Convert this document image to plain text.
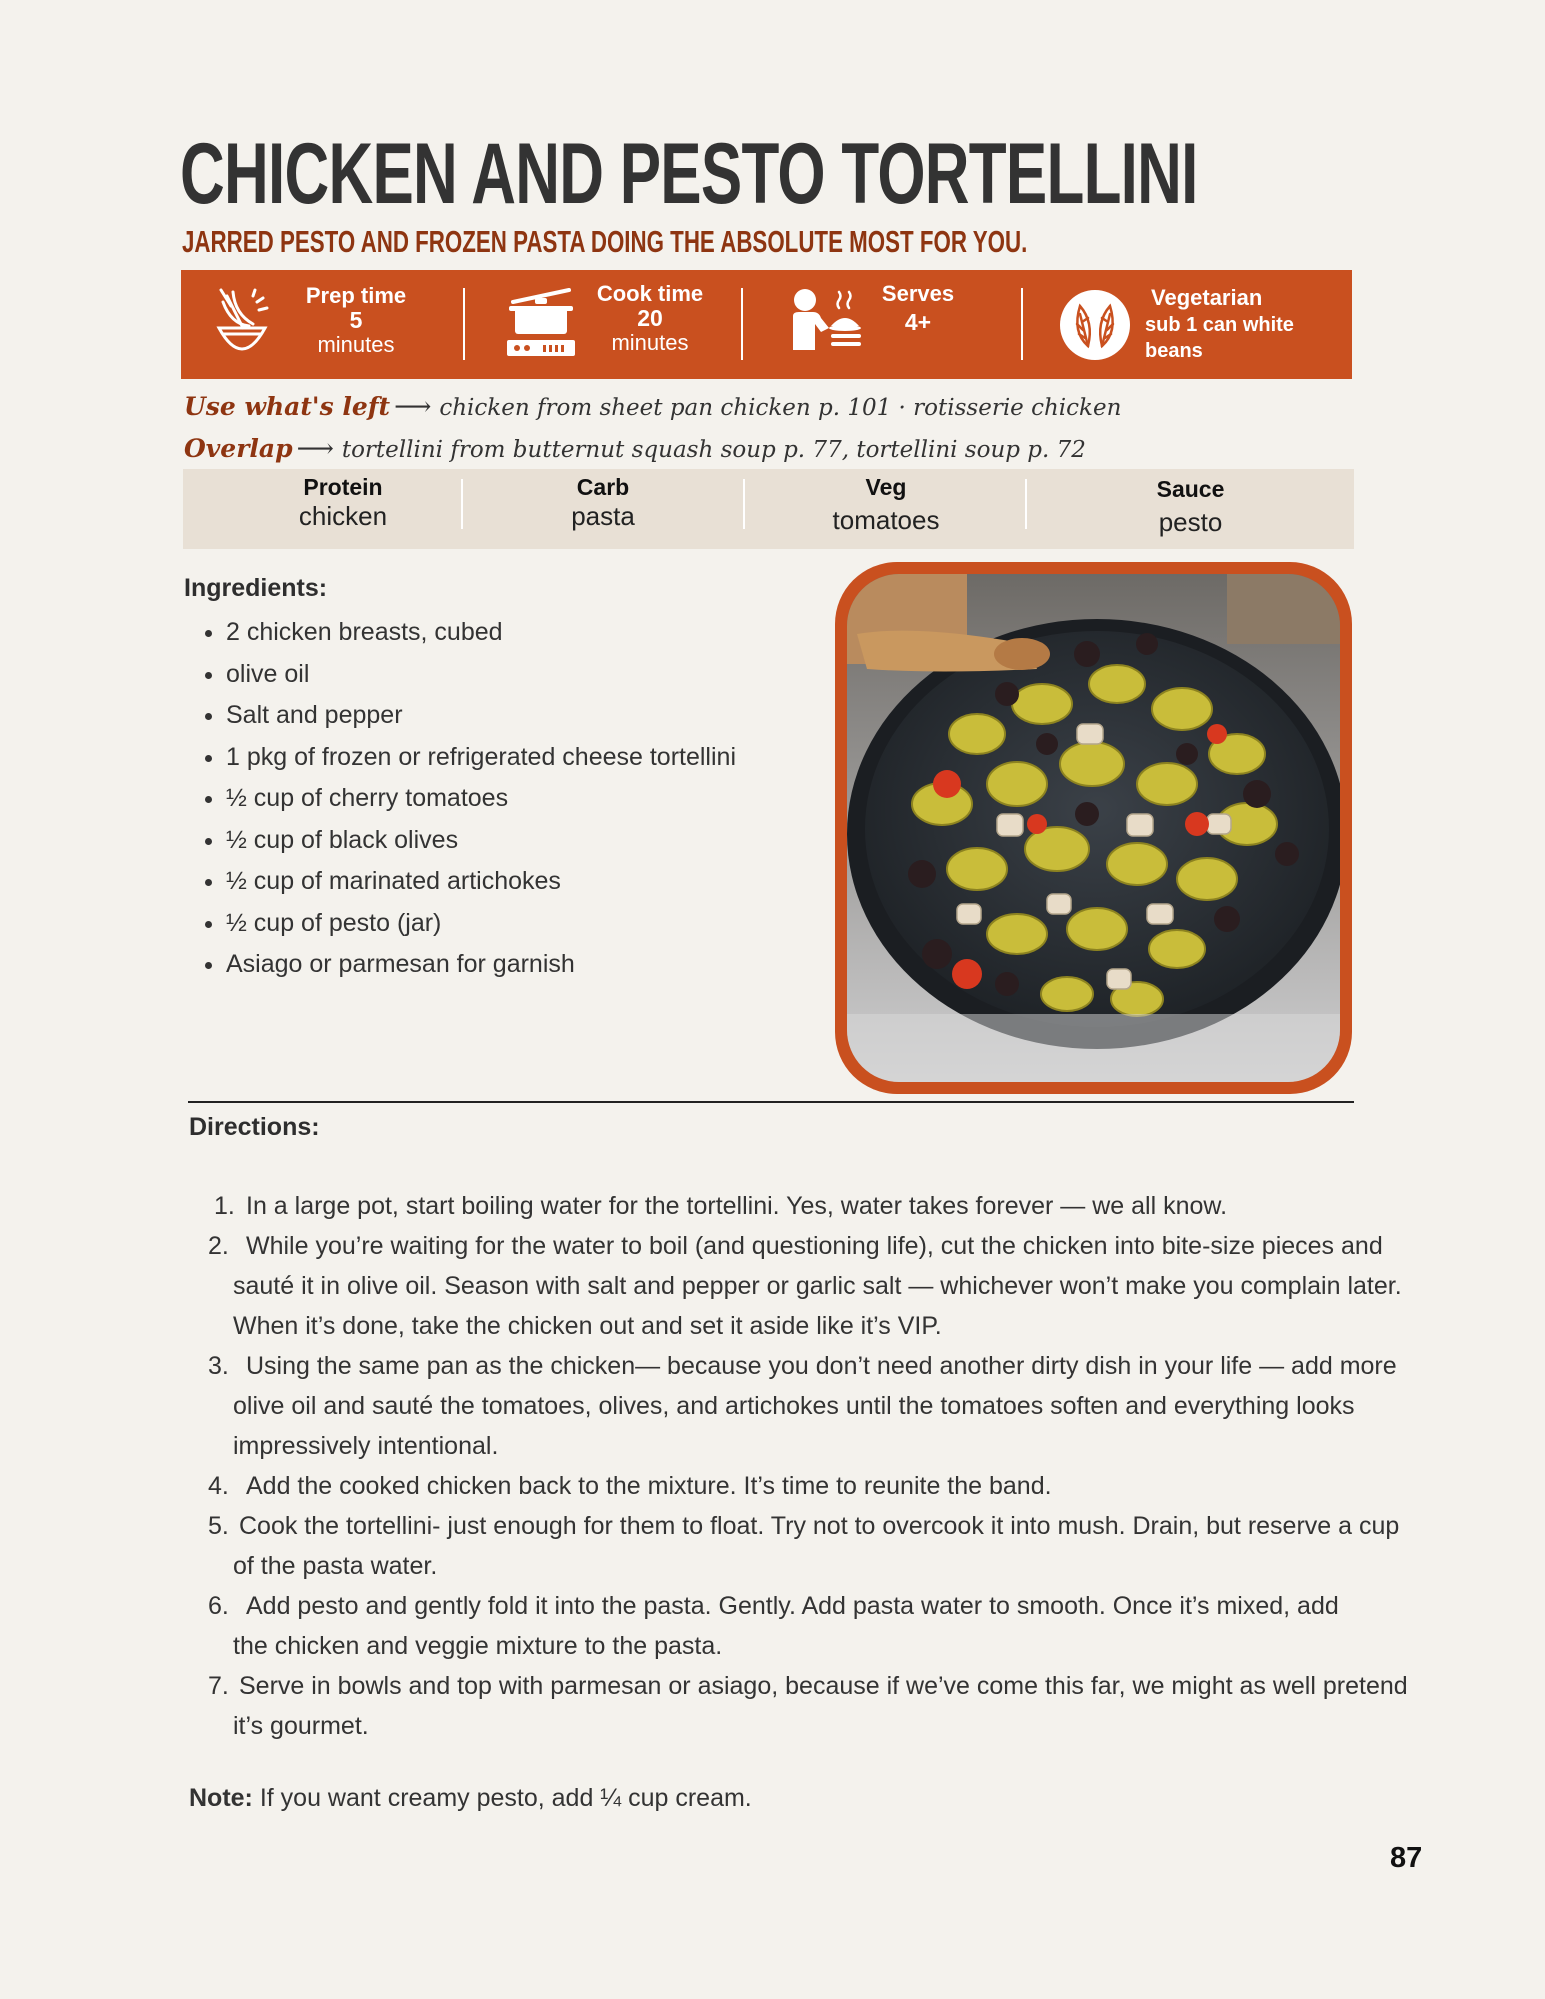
CHICKEN AND PESTO TORTELLINI
JARRED PESTO AND FROZEN PASTA DOING THE ABSOLUTE MOST FOR YOU.
Prep time
5
minutes
Cook time
20
minutes
Serves
4+
Vegetarian
sub 1 can white beans
Use what's left ⟶ chicken from sheet pan chicken p. 101 · rotisserie chicken
Overlap ⟶ tortellini from butternut squash soup p. 77, tortellini soup p. 72
Protein
chicken
Carb
pasta
Veg
tomatoes
Sauce
pesto
Ingredients:
• 2 chicken breasts, cubed
• olive oil
• Salt and pepper
• 1 pkg of frozen or refrigerated cheese tortellini
• ½ cup of cherry tomatoes
• ½ cup of black olives
• ½ cup of marinated artichokes
• ½ cup of pesto (jar)
• Asiago or parmesan for garnish
Directions:
1. In a large pot, start boiling water for the tortellini. Yes, water takes forever — we all know.
2. While you’re waiting for the water to boil (and questioning life), cut the chicken into bite-size pieces and sauté it in olive oil. Season with salt and pepper or garlic salt — whichever won’t make you complain later. When it’s done, take the chicken out and set it aside like it’s VIP.
3. Using the same pan as the chicken— because you don’t need another dirty dish in your life — add more olive oil and sauté the tomatoes, olives, and artichokes until the tomatoes soften and everything looks impressively intentional.
4. Add the cooked chicken back to the mixture. It’s time to reunite the band.
5. Cook the tortellini- just enough for them to float. Try not to overcook it into mush. Drain, but reserve a cup of the pasta water.
6. Add pesto and gently fold it into the pasta. Gently. Add pasta water to smooth. Once it’s mixed, add the chicken and veggie mixture to the pasta.
7. Serve in bowls and top with parmesan or asiago, because if we’ve come this far, we might as well pretend it’s gourmet.
Note: If you want creamy pesto, add ¼ cup cream.
87
